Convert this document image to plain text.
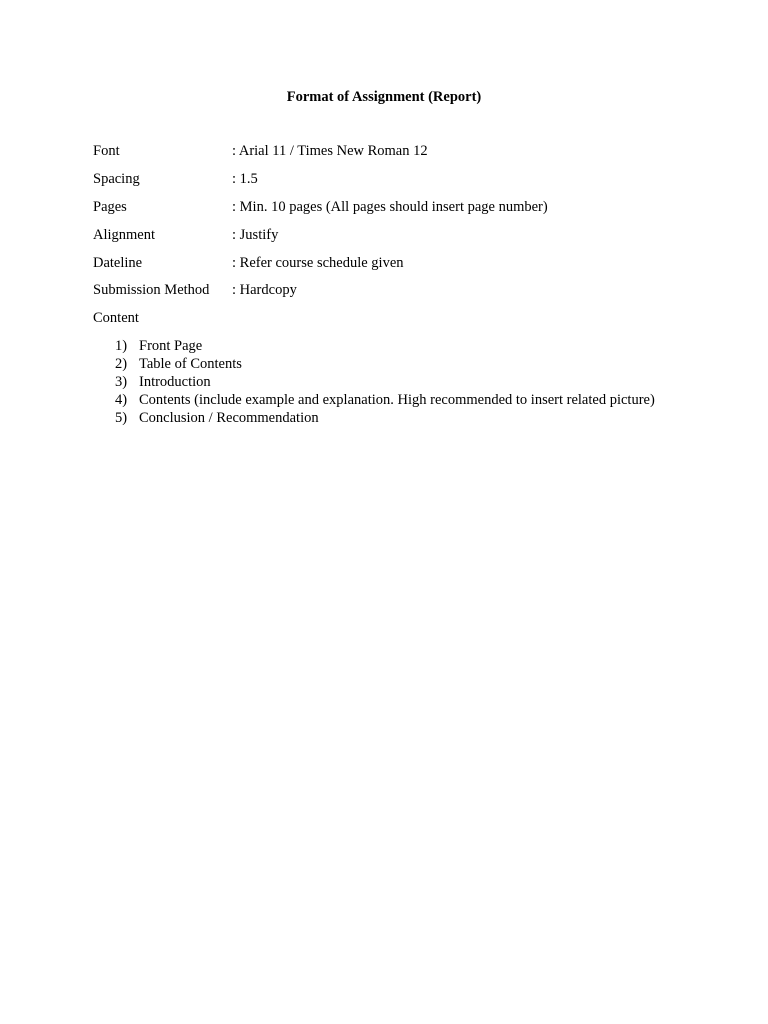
Format of Assignment (Report)
Font	: Arial 11 / Times New Roman 12
Spacing	: 1.5
Pages	: Min. 10 pages (All pages should insert page number)
Alignment	: Justify
Dateline	: Refer course schedule given
Submission Method : Hardcopy
Content
1) Front Page
2) Table of Contents
3) Introduction
4) Contents (include example and explanation. High recommended to insert related picture)
5) Conclusion / Recommendation
